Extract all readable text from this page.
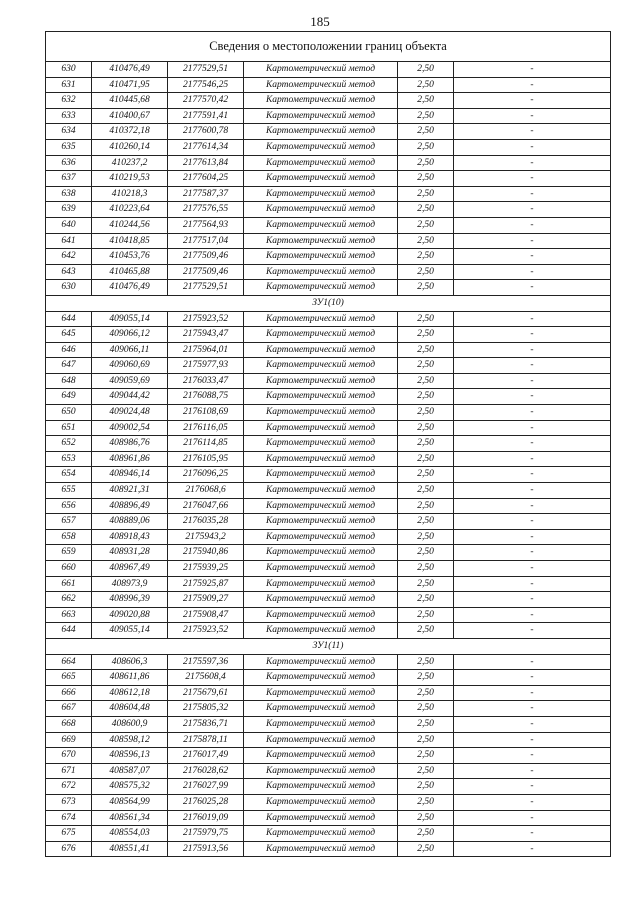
185
Сведения о местоположении границ объекта					
630	410476,49	2177529,51	Картометрический метод	2,50	-
631	410471,95	2177546,25	Картометрический метод	2,50	-
632	410445,68	2177570,42	Картометрический метод	2,50	-
633	410400,67	2177591,41	Картометрический метод	2,50	-
634	410372,18	2177600,78	Картометрический метод	2,50	-
635	410260,14	2177614,34	Картометрический метод	2,50	-
636	410237,2	2177613,84	Картометрический метод	2,50	-
637	410219,53	2177604,25	Картометрический метод	2,50	-
638	410218,3	2177587,37	Картометрический метод	2,50	-
639	410223,64	2177576,55	Картометрический метод	2,50	-
640	410244,56	2177564,93	Картометрический метод	2,50	-
641	410418,85	2177517,04	Картометрический метод	2,50	-
642	410453,76	2177509,46	Картометрический метод	2,50	-
643	410465,88	2177509,46	Картометрический метод	2,50	-
630	410476,49	2177529,51	Картометрический метод	2,50	-
ЗУ1(10)					
644	409055,14	2175923,52	Картометрический метод	2,50	-
645	409066,12	2175943,47	Картометрический метод	2,50	-
646	409066,11	2175964,01	Картометрический метод	2,50	-
647	409060,69	2175977,93	Картометрический метод	2,50	-
648	409059,69	2176033,47	Картометрический метод	2,50	-
649	409044,42	2176088,75	Картометрический метод	2,50	-
650	409024,48	2176108,69	Картометрический метод	2,50	-
651	409002,54	2176116,05	Картометрический метод	2,50	-
652	408986,76	2176114,85	Картометрический метод	2,50	-
653	408961,86	2176105,95	Картометрический метод	2,50	-
654	408946,14	2176096,25	Картометрический метод	2,50	-
655	408921,31	2176068,6	Картометрический метод	2,50	-
656	408896,49	2176047,66	Картометрический метод	2,50	-
657	408889,06	2176035,28	Картометрический метод	2,50	-
658	408918,43	2175943,2	Картометрический метод	2,50	-
659	408931,28	2175940,86	Картометрический метод	2,50	-
660	408967,49	2175939,25	Картометрический метод	2,50	-
661	408973,9	2175925,87	Картометрический метод	2,50	-
662	408996,39	2175909,27	Картометрический метод	2,50	-
663	409020,88	2175908,47	Картометрический метод	2,50	-
644	409055,14	2175923,52	Картометрический метод	2,50	-
ЗУ1(11)					
664	408606,3	2175597,36	Картометрический метод	2,50	-
665	408611,86	2175608,4	Картометрический метод	2,50	-
666	408612,18	2175679,61	Картометрический метод	2,50	-
667	408604,48	2175805,32	Картометрический метод	2,50	-
668	408600,9	2175836,71	Картометрический метод	2,50	-
669	408598,12	2175878,11	Картометрический метод	2,50	-
670	408596,13	2176017,49	Картометрический метод	2,50	-
671	408587,07	2176028,62	Картометрический метод	2,50	-
672	408575,32	2176027,99	Картометрический метод	2,50	-
673	408564,99	2176025,28	Картометрический метод	2,50	-
674	408561,34	2176019,09	Картометрический метод	2,50	-
675	408554,03	2175979,75	Картометрический метод	2,50	-
676	408551,41	2175913,56	Картометрический метод	2,50	-
